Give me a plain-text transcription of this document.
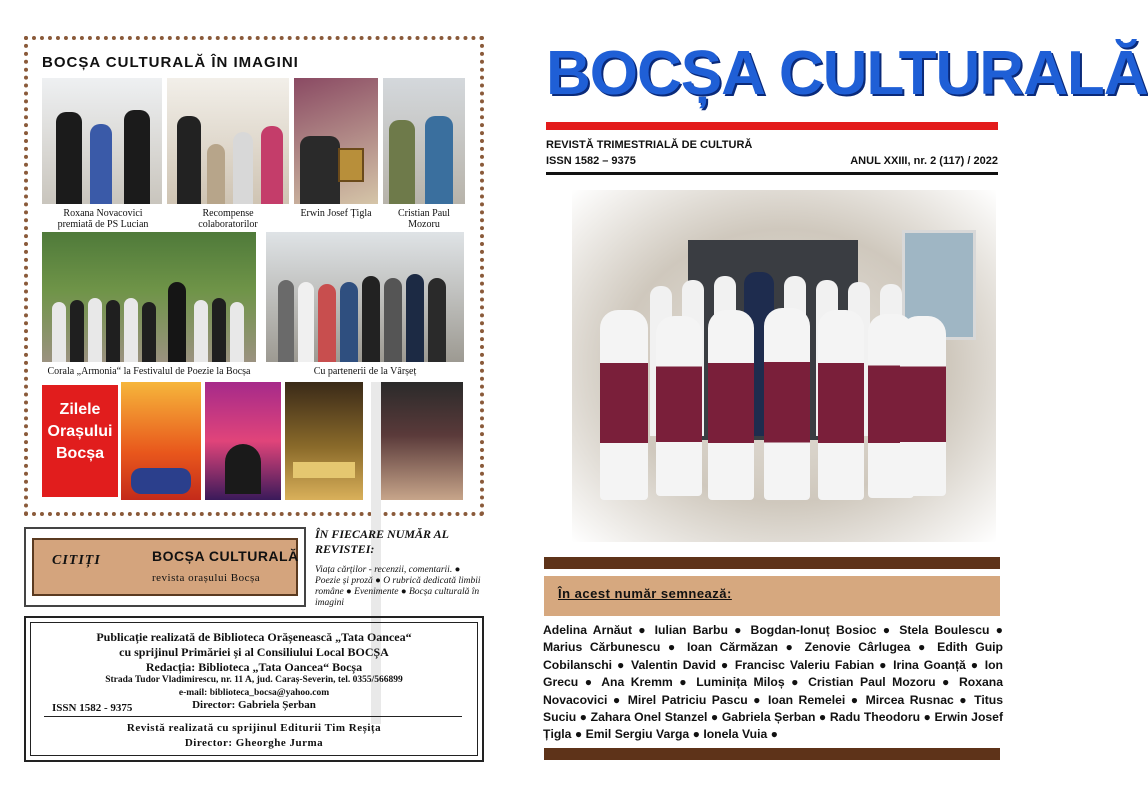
BOCȘA CULTURALĂ ÎN IMAGINI
Roxana Novacovici
premiată de PS Lucian
Recompense
colaboratorilor
Erwin Josef Țigla	Cristian Paul
Mozoru
Corala „Armonia“ la Festivalul de Poezie la Bocșa	Cu partenerii de la Vârșeț
Zilele
Orașului
Bocșa
CITIȚI	BOCȘA CULTURALĂ
revista orașului Bocșa
ÎN FIECARE NUMĂR AL
REVISTEI:
Viața cărților - recenzii, comentarii. ● Poezie și proză ● O rubrică dedicată limbii române ● Evenimente ● Bocșa culturală în imagini
Publicație realizată de Biblioteca Orășenească „Tata Oancea“
cu sprijinul Primăriei și al Consiliului Local BOCȘA
Redacția: Biblioteca „Tata Oancea“ Bocșa
Strada Tudor Vladimirescu, nr. 11 A, jud. Caraș-Severin, tel. 0355/566899
e-mail: biblioteca_bocsa@yahoo.com
Director: Gabriela Șerban
ISSN 1582 - 9375
Revistă realizată cu sprijinul Editurii Tim Reșița
Director: Gheorghe Jurma
BOCȘA CULTURALĂ
REVISTĂ TRIMESTRIALĂ DE CULTURĂ
ISSN 1582 – 9375	ANUL XXIII, nr. 2 (117) / 2022
În acest număr semnează:
Adelina Arnăut ● Iulian Barbu ● Bogdan-Ionuț Bosioc ● Stela Boulescu ● Marius Cărbunescu ● Ioan Cărmăzan ● Zenovie Cârlugea ● Edith Guip Cobilanschi ● Valentin David ● Francisc Valeriu Fabian ● Irina Goanță ● Ion Grecu ● Ana Kremm ● Luminița Miloș ● Cristian Paul Mozoru ● Roxana Novacovici ● Mirel Patriciu Pascu ● Ioan Remelei ● Mircea Rusnac ● Titus Suciu ● Zahara Onel Stanzel ● Gabriela Șerban ● Radu Theodoru ● Erwin Josef Țigla ● Emil Sergiu Varga ● Ionela Vuia ●
